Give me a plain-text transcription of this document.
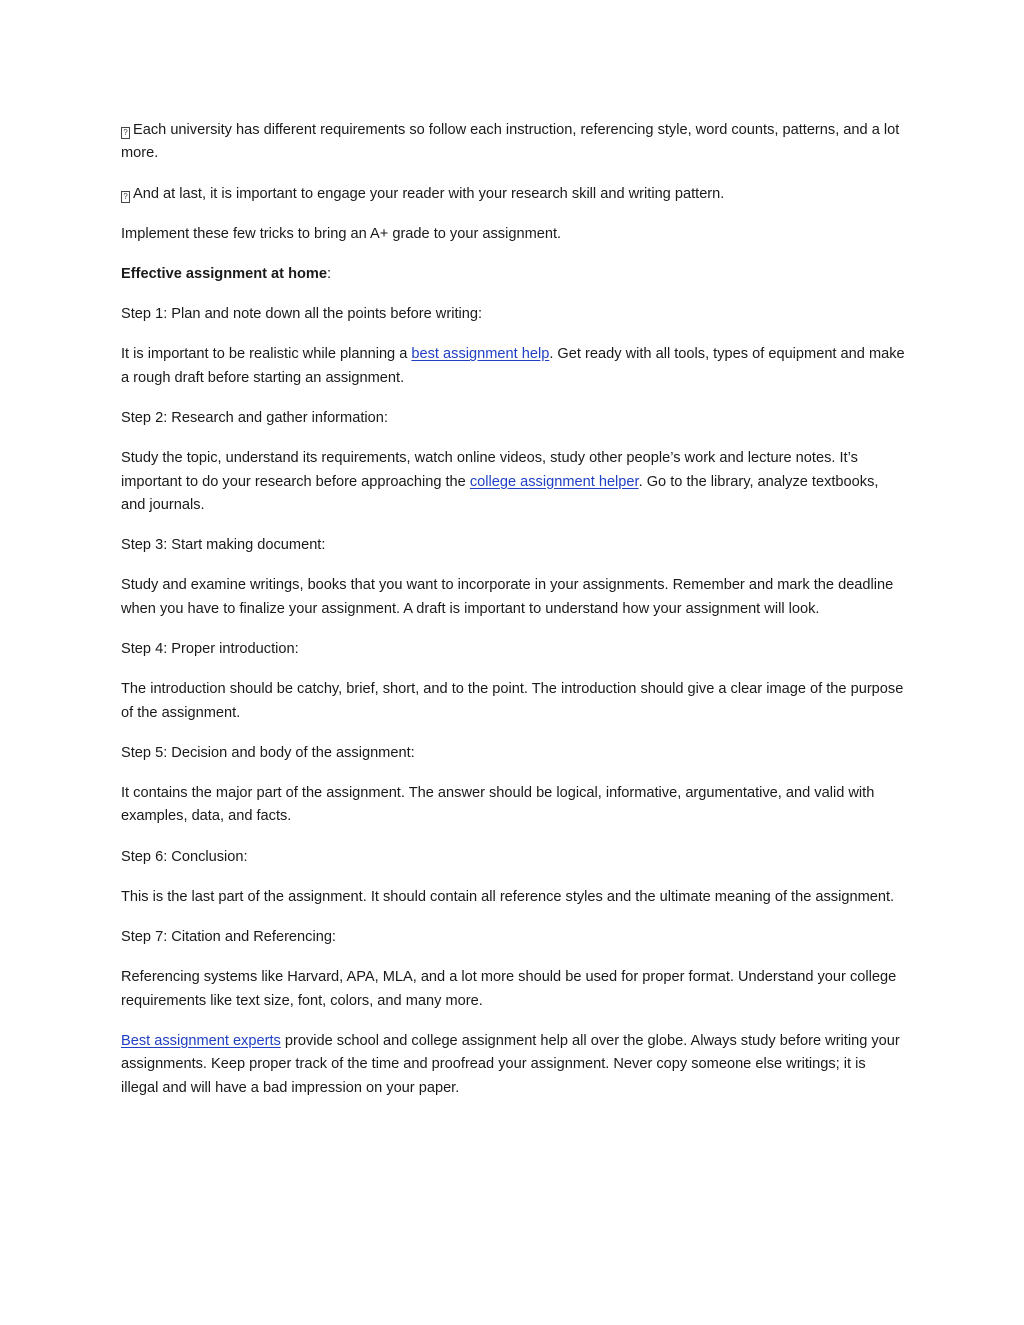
? Each university has different requirements so follow each instruction, referencing style, word counts, patterns, and a lot more.

? And at last, it is important to engage your reader with your research skill and writing pattern.

Implement these few tricks to bring an A+ grade to your assignment.

Effective assignment at home:

Step 1: Plan and note down all the points before writing:

It is important to be realistic while planning a best assignment help. Get ready with all tools, types of equipment and make a rough draft before starting an assignment.

Step 2: Research and gather information:

Study the topic, understand its requirements, watch online videos, study other people’s work and lecture notes. It’s important to do your research before approaching the college assignment helper. Go to the library, analyze textbooks, and journals.

Step 3: Start making document:

Study and examine writings, books that you want to incorporate in your assignments. Remember and mark the deadline when you have to finalize your assignment. A draft is important to understand how your assignment will look.

Step 4: Proper introduction:

The introduction should be catchy, brief, short, and to the point. The introduction should give a clear image of the purpose of the assignment.

Step 5: Decision and body of the assignment:

It contains the major part of the assignment. The answer should be logical, informative, argumentative, and valid with examples, data, and facts.

Step 6: Conclusion:

This is the last part of the assignment. It should contain all reference styles and the ultimate meaning of the assignment.

Step 7: Citation and Referencing:

Referencing systems like Harvard, APA, MLA, and a lot more should be used for proper format. Understand your college requirements like text size, font, colors, and many more.

Best assignment experts provide school and college assignment help all over the globe. Always study before writing your assignments. Keep proper track of the time and proofread your assignment. Never copy someone else writings; it is illegal and will have a bad impression on your paper.
